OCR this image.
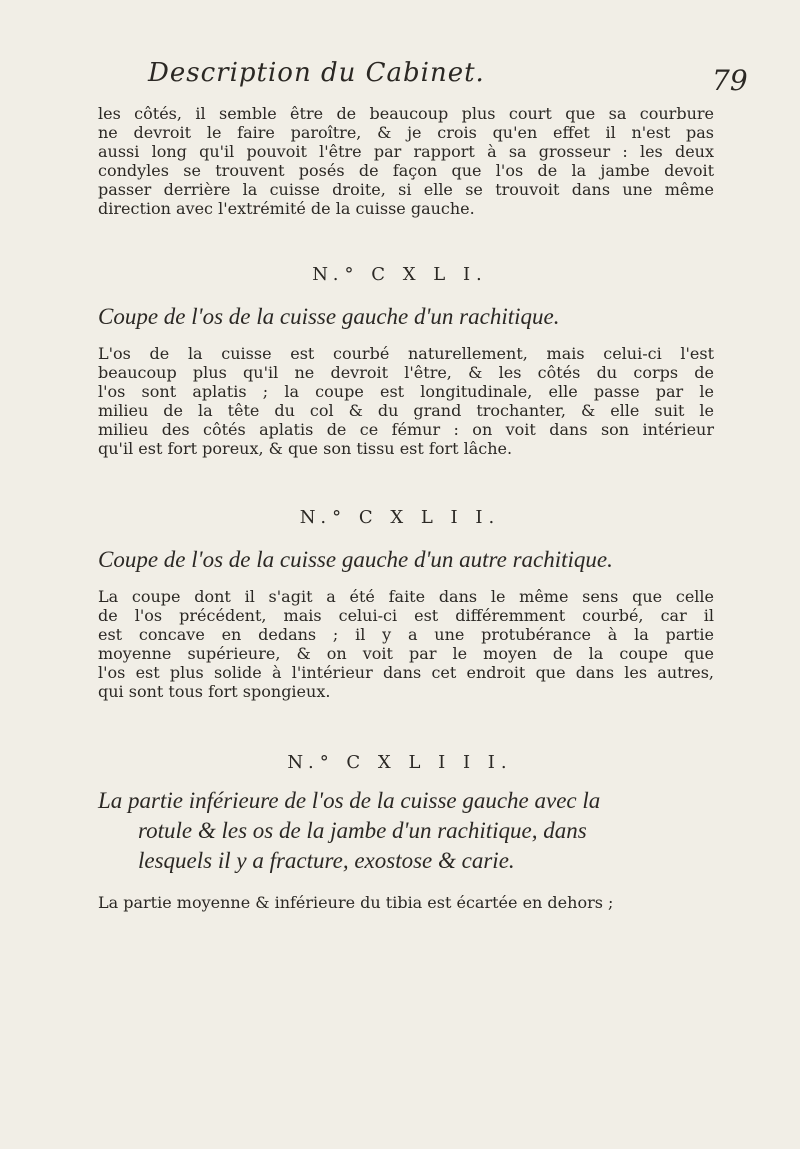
Description du Cabinet.	79
les côtés, il semble être de beaucoup plus court que sa courbure
ne devroit le faire paroître, & je crois qu'en effet il n'est pas
aussi long qu'il pouvoit l'être par rapport à sa grosseur : les deux
condyles se trouvent posés de façon que l'os de la jambe devoit
passer derrière la cuisse droite, si elle se trouvoit dans une même
direction avec l'extrémité de la cuisse gauche.
N.° C X L I.
Coupe de l'os de la cuisse gauche d'un rachitique.
L'os de la cuisse est courbé naturellement, mais celui-ci l'est
beaucoup plus qu'il ne devroit l'être, & les côtés du corps de
l'os sont aplatis ; la coupe est longitudinale, elle passe par le
milieu de la tête du col & du grand trochanter, & elle suit le
milieu des côtés aplatis de ce fémur : on voit dans son intérieur
qu'il est fort poreux, & que son tissu est fort lâche.
N.° C X L I I.
Coupe de l'os de la cuisse gauche d'un autre rachitique.
La coupe dont il s'agit a été faite dans le même sens que celle
de l'os précédent, mais celui-ci est différemment courbé, car il
est concave en dedans ; il y a une protubérance à la partie
moyenne supérieure, & on voit par le moyen de la coupe que
l'os est plus solide à l'intérieur dans cet endroit que dans les autres,
qui sont tous fort spongieux.
N.° C X L I I I.
La partie inférieure de l'os de la cuisse gauche avec la
rotule & les os de la jambe d'un rachitique, dans
lesquels il y a fracture, exostose & carie.
La partie moyenne & inférieure du tibia est écartée en dehors ;
